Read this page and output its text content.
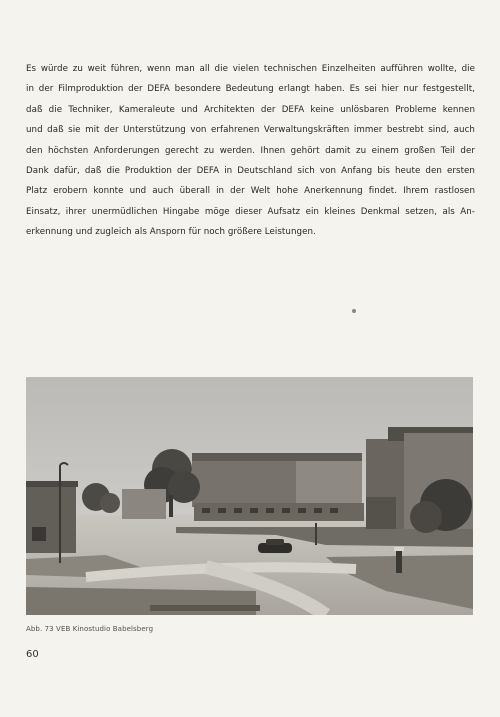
Es würde zu weit führen, wenn man all die vielen technischen Einzelheiten aufführen wollte, die
in der Filmproduktion der DEFA besondere Bedeutung erlangt haben. Es sei hier nur festgestellt,
daß die Techniker, Kameraleute und Architekten der DEFA keine unlösbaren Probleme kennen
und daß sie mit der Unterstützung von erfahrenen Verwaltungskräften immer bestrebt sind, auch
den höchsten Anforderungen gerecht zu werden. Ihnen gehört damit zu einem großen Teil der
Dank dafür, daß die Produktion der DEFA in Deutschland sich von Anfang bis heute den ersten
Platz erobern konnte und auch überall in der Welt hohe Anerkennung findet. Ihrem rastlosen
Einsatz, ihrer unermüdlichen Hingabe möge dieser Aufsatz ein kleines Denkmal setzen, als An-
erkennung und zugleich als Ansporn für noch größere Leistungen.
Abb. 73 VEB Kinostudio Babelsberg
60
